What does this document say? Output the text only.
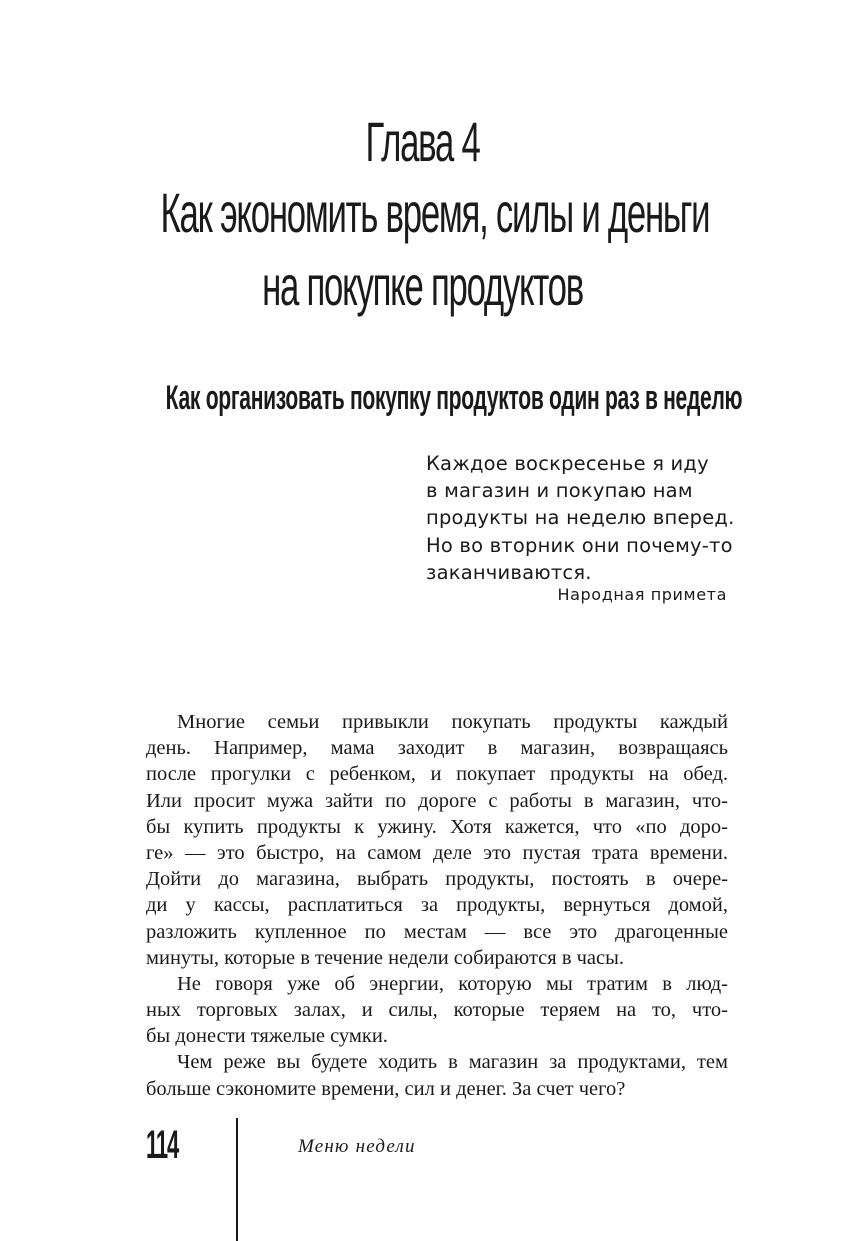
Глава 4
Как экономить время, силы и деньги
на покупке продуктов
Как организовать покупку продуктов один раз в неделю
Каждое воскресенье я иду
в магазин и покупаю нам
продукты на неделю вперед.
Но во вторник они почему-то
заканчиваются.
Народная примета
Многие семьи привыкли покупать продукты каждый
день. Например, мама заходит в магазин, возвращаясь
после прогулки с ребенком, и покупает продукты на обед.
Или просит мужа зайти по дороге с работы в магазин, что-
бы купить продукты к ужину. Хотя кажется, что «по доро-
ге» — это быстро, на самом деле это пустая трата времени.
Дойти до магазина, выбрать продукты, постоять в очере-
ди у кассы, расплатиться за продукты, вернуться домой,
разложить купленное по местам — все это драгоценные
минуты, которые в течение недели собираются в часы.
Не говоря уже об энергии, которую мы тратим в люд-
ных торговых залах, и силы, которые теряем на то, что-
бы донести тяжелые сумки.
Чем реже вы будете ходить в магазин за продуктами, тем
больше сэкономите времени, сил и денег. За счет чего?
114	Меню недели
